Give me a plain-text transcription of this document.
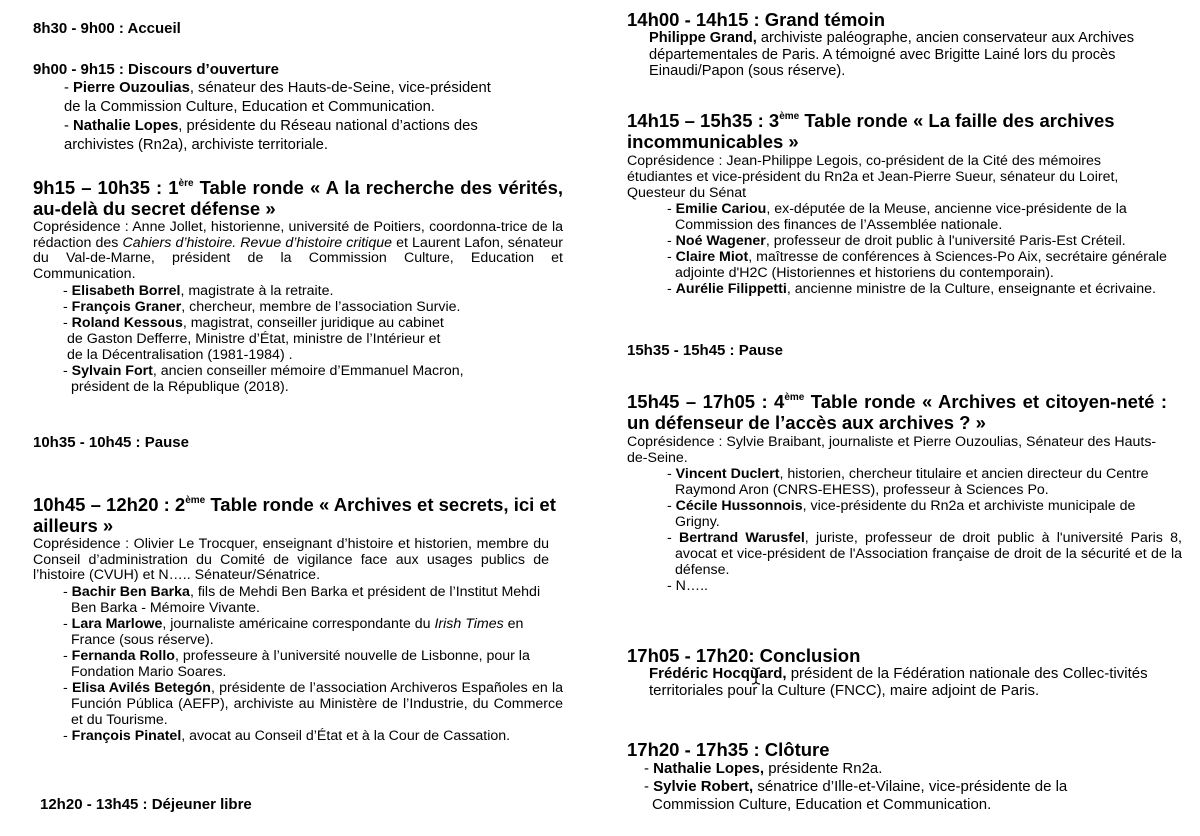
8h30 - 9h00 : Accueil
9h00 - 9h15 : Discours d’ouverture
- Pierre Ouzoulias, sénateur des Hauts-de-Seine, vice-président
de la Commission Culture, Education et Communication.
- Nathalie Lopes, présidente du Réseau national d’actions des
archivistes (Rn2a), archiviste territoriale.
9h15 – 10h35 : 1ère Table ronde « A la recherche des vérités, au-delà du secret défense »
Coprésidence : Anne Jollet, historienne, université de Poitiers, coordonna-trice de la rédaction des Cahiers d’histoire. Revue d’histoire critique et Laurent Lafon, sénateur du Val-de-Marne, président de la Commission Culture, Education et Communication.
- Elisabeth Borrel, magistrate à la retraite.
- François Graner, chercheur, membre de l’association Survie.
- Roland Kessous, magistrat, conseiller juridique au cabinet
de Gaston Defferre, Ministre d’État, ministre de l’Intérieur et
de la Décentralisation (1981-1984) .
- Sylvain Fort, ancien conseiller mémoire d’Emmanuel Macron,
président de la République (2018).
10h35 - 10h45 : Pause
10h45 – 12h20 : 2ème Table ronde « Archives et secrets, ici et ailleurs »
Coprésidence : Olivier Le Trocquer, enseignant d’histoire et historien, membre du Conseil d’administration du Comité de vigilance face aux usages publics de l’histoire (CVUH) et N….. Sénateur/Sénatrice.
- Bachir Ben Barka, fils de Mehdi Ben Barka et président de l’Institut Mehdi Ben Barka - Mémoire Vivante.
- Lara Marlowe, journaliste américaine correspondante du Irish Times en France (sous réserve).
- Fernanda Rollo, professeure à l’université nouvelle de Lisbonne, pour la Fondation Mario Soares.
- Elisa Avilés Betegón, présidente de l’association Archiveros Españoles en la Función Pública (AEFP), archiviste au Ministère de l’Industrie, du Commerce et du Tourisme.
- François Pinatel, avocat au Conseil d’État et à la Cour de Cassation.
12h20 - 13h45 : Déjeuner libre
14h00 - 14h15 : Grand témoin
Philippe Grand, archiviste paléographe, ancien conservateur aux Archives départementales de Paris. A témoigné avec Brigitte Lainé lors du procès Einaudi/Papon (sous réserve).
14h15 – 15h35 : 3ème Table ronde « La faille des archives incommunicables »
Coprésidence : Jean-Philippe Legois, co-président de la Cité des mémoires étudiantes et vice-président du Rn2a et Jean-Pierre Sueur, sénateur du Loiret, Questeur du Sénat
- Emilie Cariou, ex-députée de la Meuse, ancienne vice-présidente de la Commission des finances de l’Assemblée nationale.
- Noé Wagener, professeur de droit public à l'université Paris-Est Créteil.
- Claire Miot, maîtresse de conférences à Sciences-Po Aix, secrétaire générale adjointe d'H2C (Historiennes et historiens du contemporain).
- Aurélie Filippetti, ancienne ministre de la Culture, enseignante et écrivaine.
15h35 - 15h45 : Pause
15h45 – 17h05 : 4ème Table ronde « Archives et citoyen-neté : un défenseur de l’accès aux archives ? »
Coprésidence : Sylvie Braibant, journaliste et Pierre Ouzoulias, Sénateur des Hauts-de-Seine.
- Vincent Duclert, historien, chercheur titulaire et ancien directeur du Centre Raymond Aron (CNRS-EHESS), professeur à Sciences Po.
- Cécile Hussonnois, vice-présidente du Rn2a et archiviste municipale de Grigny.
- Bertrand Warusfel, juriste, professeur de droit public à l'université Paris 8, avocat et vice-président de l'Association française de droit de la sécurité et de la défense.
- N…..
17h05 - 17h20: Conclusion
Frédéric Hocquard, président de la Fédération nationale des Collec-tivités territoriales pour la Culture (FNCC), maire adjoint de Paris.
17h20 - 17h35 : Clôture
- Nathalie Lopes, présidente Rn2a.
- Sylvie Robert, sénatrice d’Ille-et-Vilaine, vice-présidente de la
Commission Culture, Education et Communication.
